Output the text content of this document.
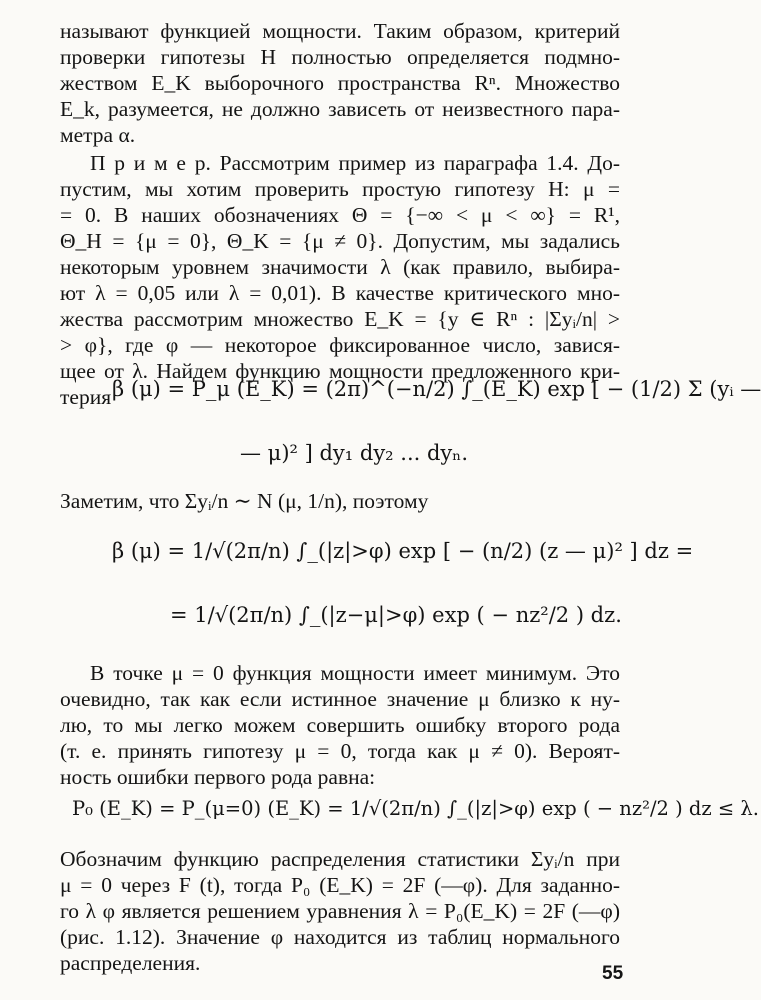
называют функцией мощности. Таким образом, критерий
проверки гипотезы H полностью определяется подмно-
жеством E_K выборочного пространства Rⁿ. Множество
E_k, разумеется, не должно зависеть от неизвестного пара-
метра α.
П р и м е р. Рассмотрим пример из параграфа 1.4. До-
пустим, мы хотим проверить простую гипотезу H: μ =
= 0. В наших обозначениях Θ = {−∞ < μ < ∞} = R¹,
Θ_H = {μ = 0}, Θ_K = {μ ≠ 0}. Допустим, мы задались
некоторым уровнем значимости λ (как правило, выбира-
ют λ = 0,05 или λ = 0,01). В качестве критического мно-
жества рассмотрим множество E_K = {y ∈ Rⁿ : |Σyᵢ/n| >
> φ}, где φ — некоторое фиксированное число, завися-
щее от λ. Найдем функцию мощности предложенного кри-
терия β (μ) = P_μ (E_K) = (2π)^(−n/2) ∫_(E_K) exp [ − (1/2) Σ (yᵢ —
— μ)² ] dy₁ dy₂ ... dyₙ.
Заметим, что Σyᵢ/n ∼ N (μ, 1/n), поэтому
β (μ) = 1/√(2π/n) ∫_(|z|>φ) exp [ − (n/2) (z — μ)² ] dz =
= 1/√(2π/n) ∫_(|z−μ|>φ) exp ( − nz²/2 ) dz.
В точке μ = 0 функция мощности имеет минимум. Это
очевидно, так как если истинное значение μ близко к ну-
лю, то мы легко можем совершить ошибку второго рода
(т. е. принять гипотезу μ = 0, тогда как μ ≠ 0). Вероят-
ность ошибки первого рода равна:
P₀ (E_K) = P_(μ=0) (E_K) = 1/√(2π/n) ∫_(|z|>φ) exp ( − nz²/2 ) dz ≤ λ.
Обозначим функцию распределения статистики Σyᵢ/n при
μ = 0 через F (t), тогда P₀ (E_K) = 2F (—φ). Для заданно-
го λ φ является решением уравнения λ = P₀(E_K) = 2F (—φ)
(рис. 1.12). Значение φ находится из таблиц нормального
распределения.	55
